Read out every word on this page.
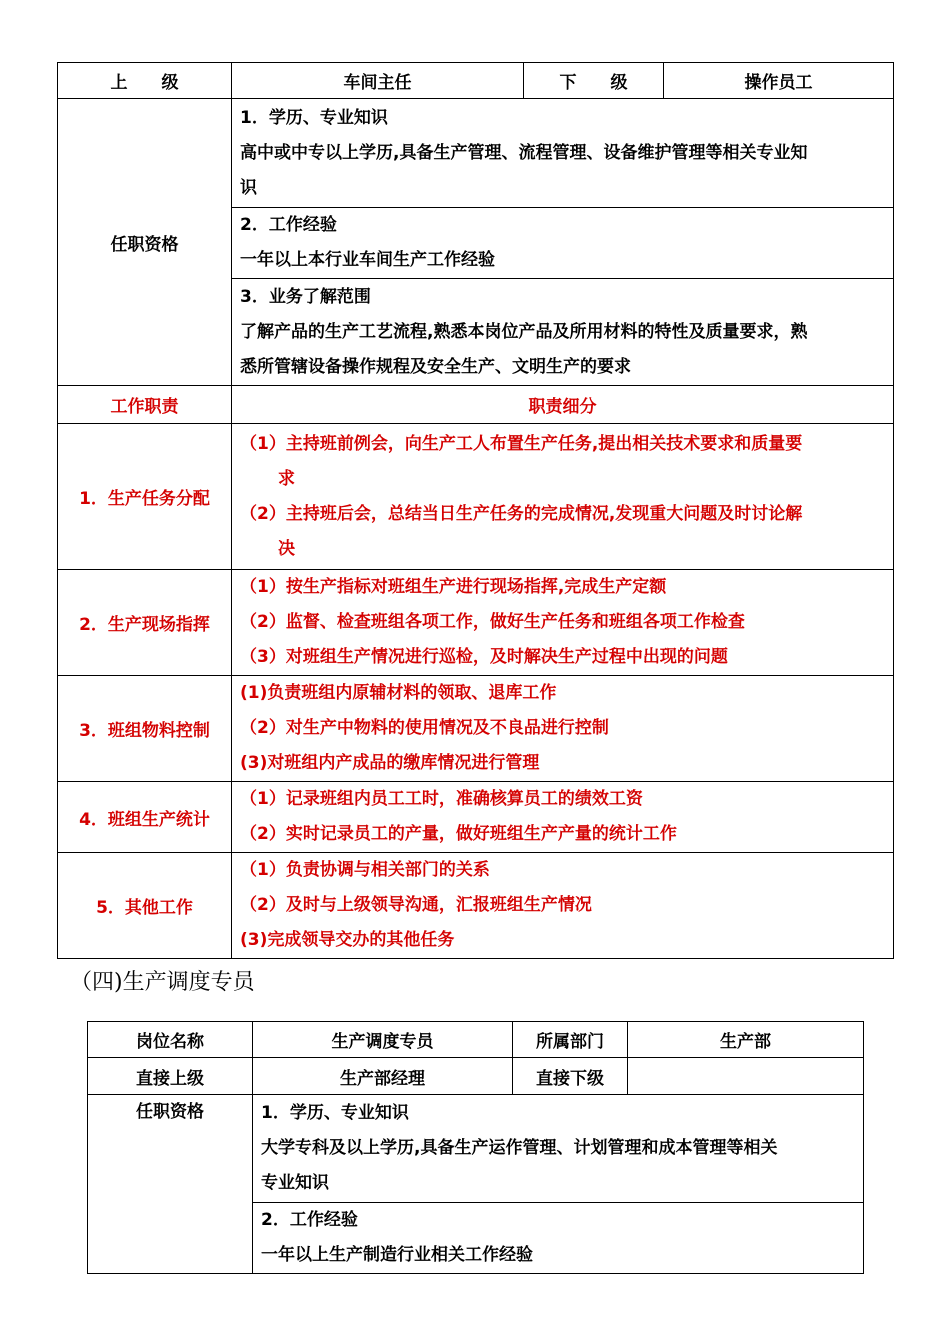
上　　级	车间主任	下　　级	操作员工
任职资格	1．学历、专业知识
高中或中专以上学历,具备生产管理、流程管理、设备维护管理等相关专业知
识		

	2．工作经验
一年以上本行业车间生产工作经验		

	3．业务了解范围
了解产品的生产工艺流程,熟悉本岗位产品及所用材料的特性及质量要求，熟
悉所管辖设备操作规程及安全生产、文明生产的要求		

工作职责	职责细分		
1．生产任务分配	（1）主持班前例会，向生产工人布置生产任务,提出相关技术要求和质量要
求
（2）主持班后会，总结当日生产任务的完成情况,发现重大问题及时讨论解
决		

2．生产现场指挥	（1）按生产指标对班组生产进行现场指挥,完成生产定额
（2）监督、检查班组各项工作，做好生产任务和班组各项工作检查
（3）对班组生产情况进行巡检，及时解决生产过程中出现的问题		

3．班组物料控制	(1)负责班组内原辅材料的领取、退库工作
（2）对生产中物料的使用情况及不良品进行控制
(3)对班组内产成品的缴库情况进行管理		

4．班组生产统计	（1）记录班组内员工工时，准确核算员工的绩效工资
（2）实时记录员工的产量，做好班组生产产量的统计工作		

5．其他工作	（1）负责协调与相关部门的关系
（2）及时与上级领导沟通，汇报班组生产情况
(3)完成领导交办的其他任务		
（四)生产调度专员
岗位名称	生产调度专员	所属部门	生产部
直接上级	生产部经理	直接下级	

任职资格	1．学历、专业知识
大学专科及以上学历,具备生产运作管理、计划管理和成本管理等相关
专业知识		

	2．工作经验
一年以上生产制造行业相关工作经验		
